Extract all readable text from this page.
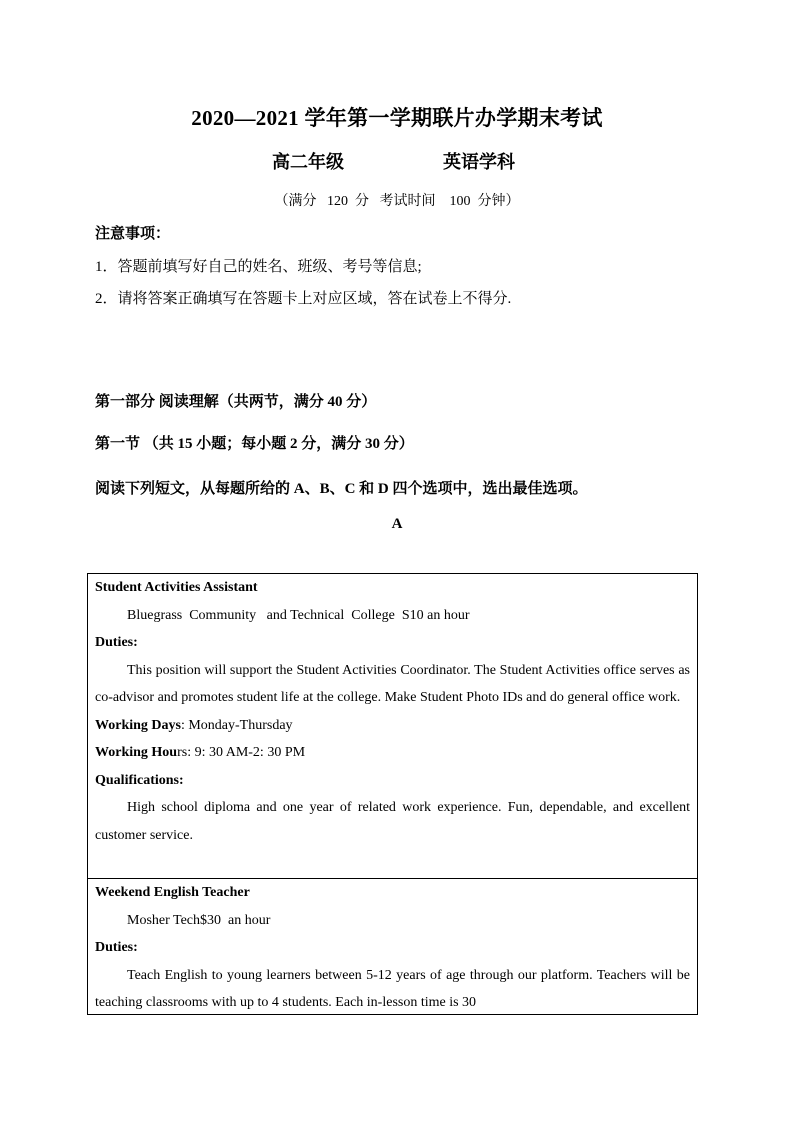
2020—2021 学年第一学期联片办学期末考试
高二年级	英语学科
（满分   120  分   考试时间    100  分钟）
注意事项：
1．答题前填写好自己的姓名、班级、考号等信息;
2．请将答案正确填写在答题卡上对应区域，答在试卷上不得分.
第一部分 阅读理解（共两节，满分 40 分）
第一节 （共 15 小题；每小题 2 分，满分 30 分）
阅读下列短文，从每题所给的 A、B、C 和 D 四个选项中，选出最佳选项。
A
Student Activities Assistant
Bluegrass  Community   and Technical  College  S10 an hour
Duties:
This position will support the Student Activities Coordinator. The Student Activities office serves as co-advisor and promotes student life at the college. Make Student Photo IDs and do general office work.
Working Days: Monday-Thursday
Working Hours: 9: 30 AM-2: 30 PM
Qualifications:
High school diploma and one year of related work experience. Fun, dependable, and excellent customer service.
Weekend English Teacher
Mosher Tech$30  an hour
Duties:
Teach English to young learners between 5-12 years of age through our platform. Teachers will be teaching classrooms with up to 4 students. Each in-lesson time is 30
